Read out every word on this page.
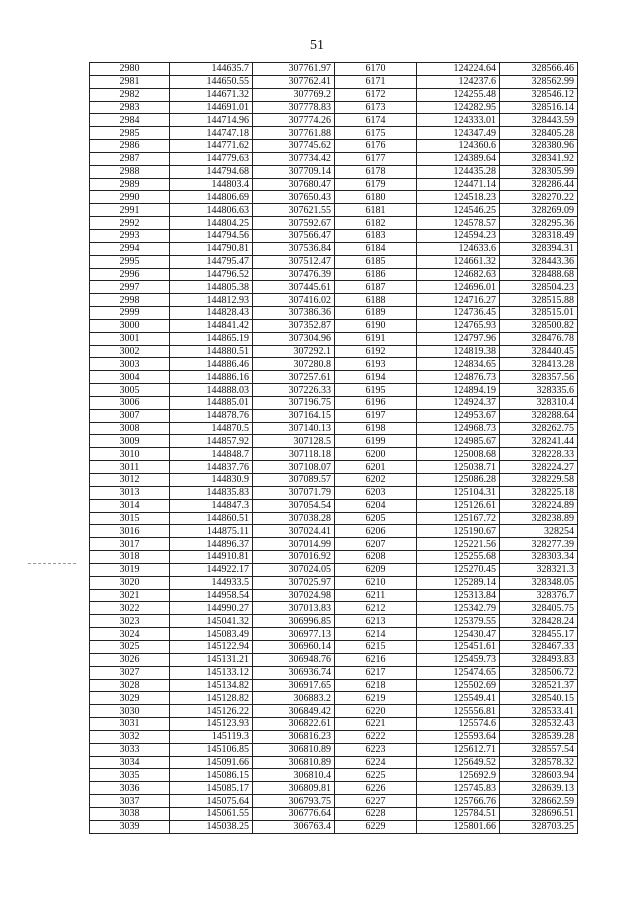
51
2980	144635.7	307761.97	6170	124224.64	328566.46
2981	144650.55	307762.41	6171	124237.6	328562.99
2982	144671.32	307769.2	6172	124255.48	328546.12
2983	144691.01	307778.83	6173	124282.95	328516.14
2984	144714.96	307774.26	6174	124333.01	328443.59
2985	144747.18	307761.88	6175	124347.49	328405.28
2986	144771.62	307745.62	6176	124360.6	328380.96
2987	144779.63	307734.42	6177	124389.64	328341.92
2988	144794.68	307709.14	6178	124435.28	328305.99
2989	144803.4	307680.47	6179	124471.14	328286.44
2990	144806.69	307650.43	6180	124518.23	328270.22
2991	144806.63	307621.55	6181	124546.25	328269.09
2992	144804.25	307592.67	6182	124578.57	328295.36
2993	144794.56	307566.47	6183	124594.23	328318.49
2994	144790.81	307536.84	6184	124633.6	328394.31
2995	144795.47	307512.47	6185	124661.32	328443.36
2996	144796.52	307476.39	6186	124682.63	328488.68
2997	144805.38	307445.61	6187	124696.01	328504.23
2998	144812.93	307416.02	6188	124716.27	328515.88
2999	144828.43	307386.36	6189	124736.45	328515.01
3000	144841.42	307352.87	6190	124765.93	328500.82
3001	144865.19	307304.96	6191	124797.96	328476.78
3002	144880.51	307292.1	6192	124819.38	328440.45
3003	144886.46	307280.8	6193	124834.65	328413.28
3004	144886.16	307257.61	6194	124876.73	328357.56
3005	144888.03	307226.33	6195	124894.19	328335.6
3006	144885.01	307196.75	6196	124924.37	328310.4
3007	144878.76	307164.15	6197	124953.67	328288.64
3008	144870.5	307140.13	6198	124968.73	328262.75
3009	144857.92	307128.5	6199	124985.67	328241.44
3010	144848.7	307118.18	6200	125008.68	328228.33
3011	144837.76	307108.07	6201	125038.71	328224.27
3012	144830.9	307089.57	6202	125086.28	328229.58
3013	144835.83	307071.79	6203	125104.31	328225.18
3014	144847.3	307054.54	6204	125126.61	328224.89
3015	144860.51	307038.28	6205	125167.72	328238.89
3016	144875.11	307024.41	6206	125190.67	328254
3017	144896.37	307014.99	6207	125221.56	328277.39
3018	144910.81	307016.92	6208	125255.68	328303.34
3019	144922.17	307024.05	6209	125270.45	328321.3
3020	144933.5	307025.97	6210	125289.14	328348.05
3021	144958.54	307024.98	6211	125313.84	328376.7
3022	144990.27	307013.83	6212	125342.79	328405.75
3023	145041.32	306996.85	6213	125379.55	328428.24
3024	145083.49	306977.13	6214	125430.47	328455.17
3025	145122.94	306960.14	6215	125451.61	328467.33
3026	145131.21	306948.76	6216	125459.73	328493.83
3027	145133.12	306936.74	6217	125474.65	328506.72
3028	145134.82	306917.65	6218	125502.69	328521.37
3029	145128.82	306883.2	6219	125549.41	328540.15
3030	145126.22	306849.42	6220	125556.81	328533.41
3031	145123.93	306822.61	6221	125574.6	328532.43
3032	145119.3	306816.23	6222	125593.64	328539.28
3033	145106.85	306810.89	6223	125612.71	328557.54
3034	145091.66	306810.89	6224	125649.52	328578.32
3035	145086.15	306810.4	6225	125692.9	328603.94
3036	145085.17	306809.81	6226	125745.83	328639.13
3037	145075.64	306793.75	6227	125766.76	328662.59
3038	145061.55	306776.64	6228	125784.51	328696.51
3039	145038.25	306763.4	6229	125801.66	328703.25
